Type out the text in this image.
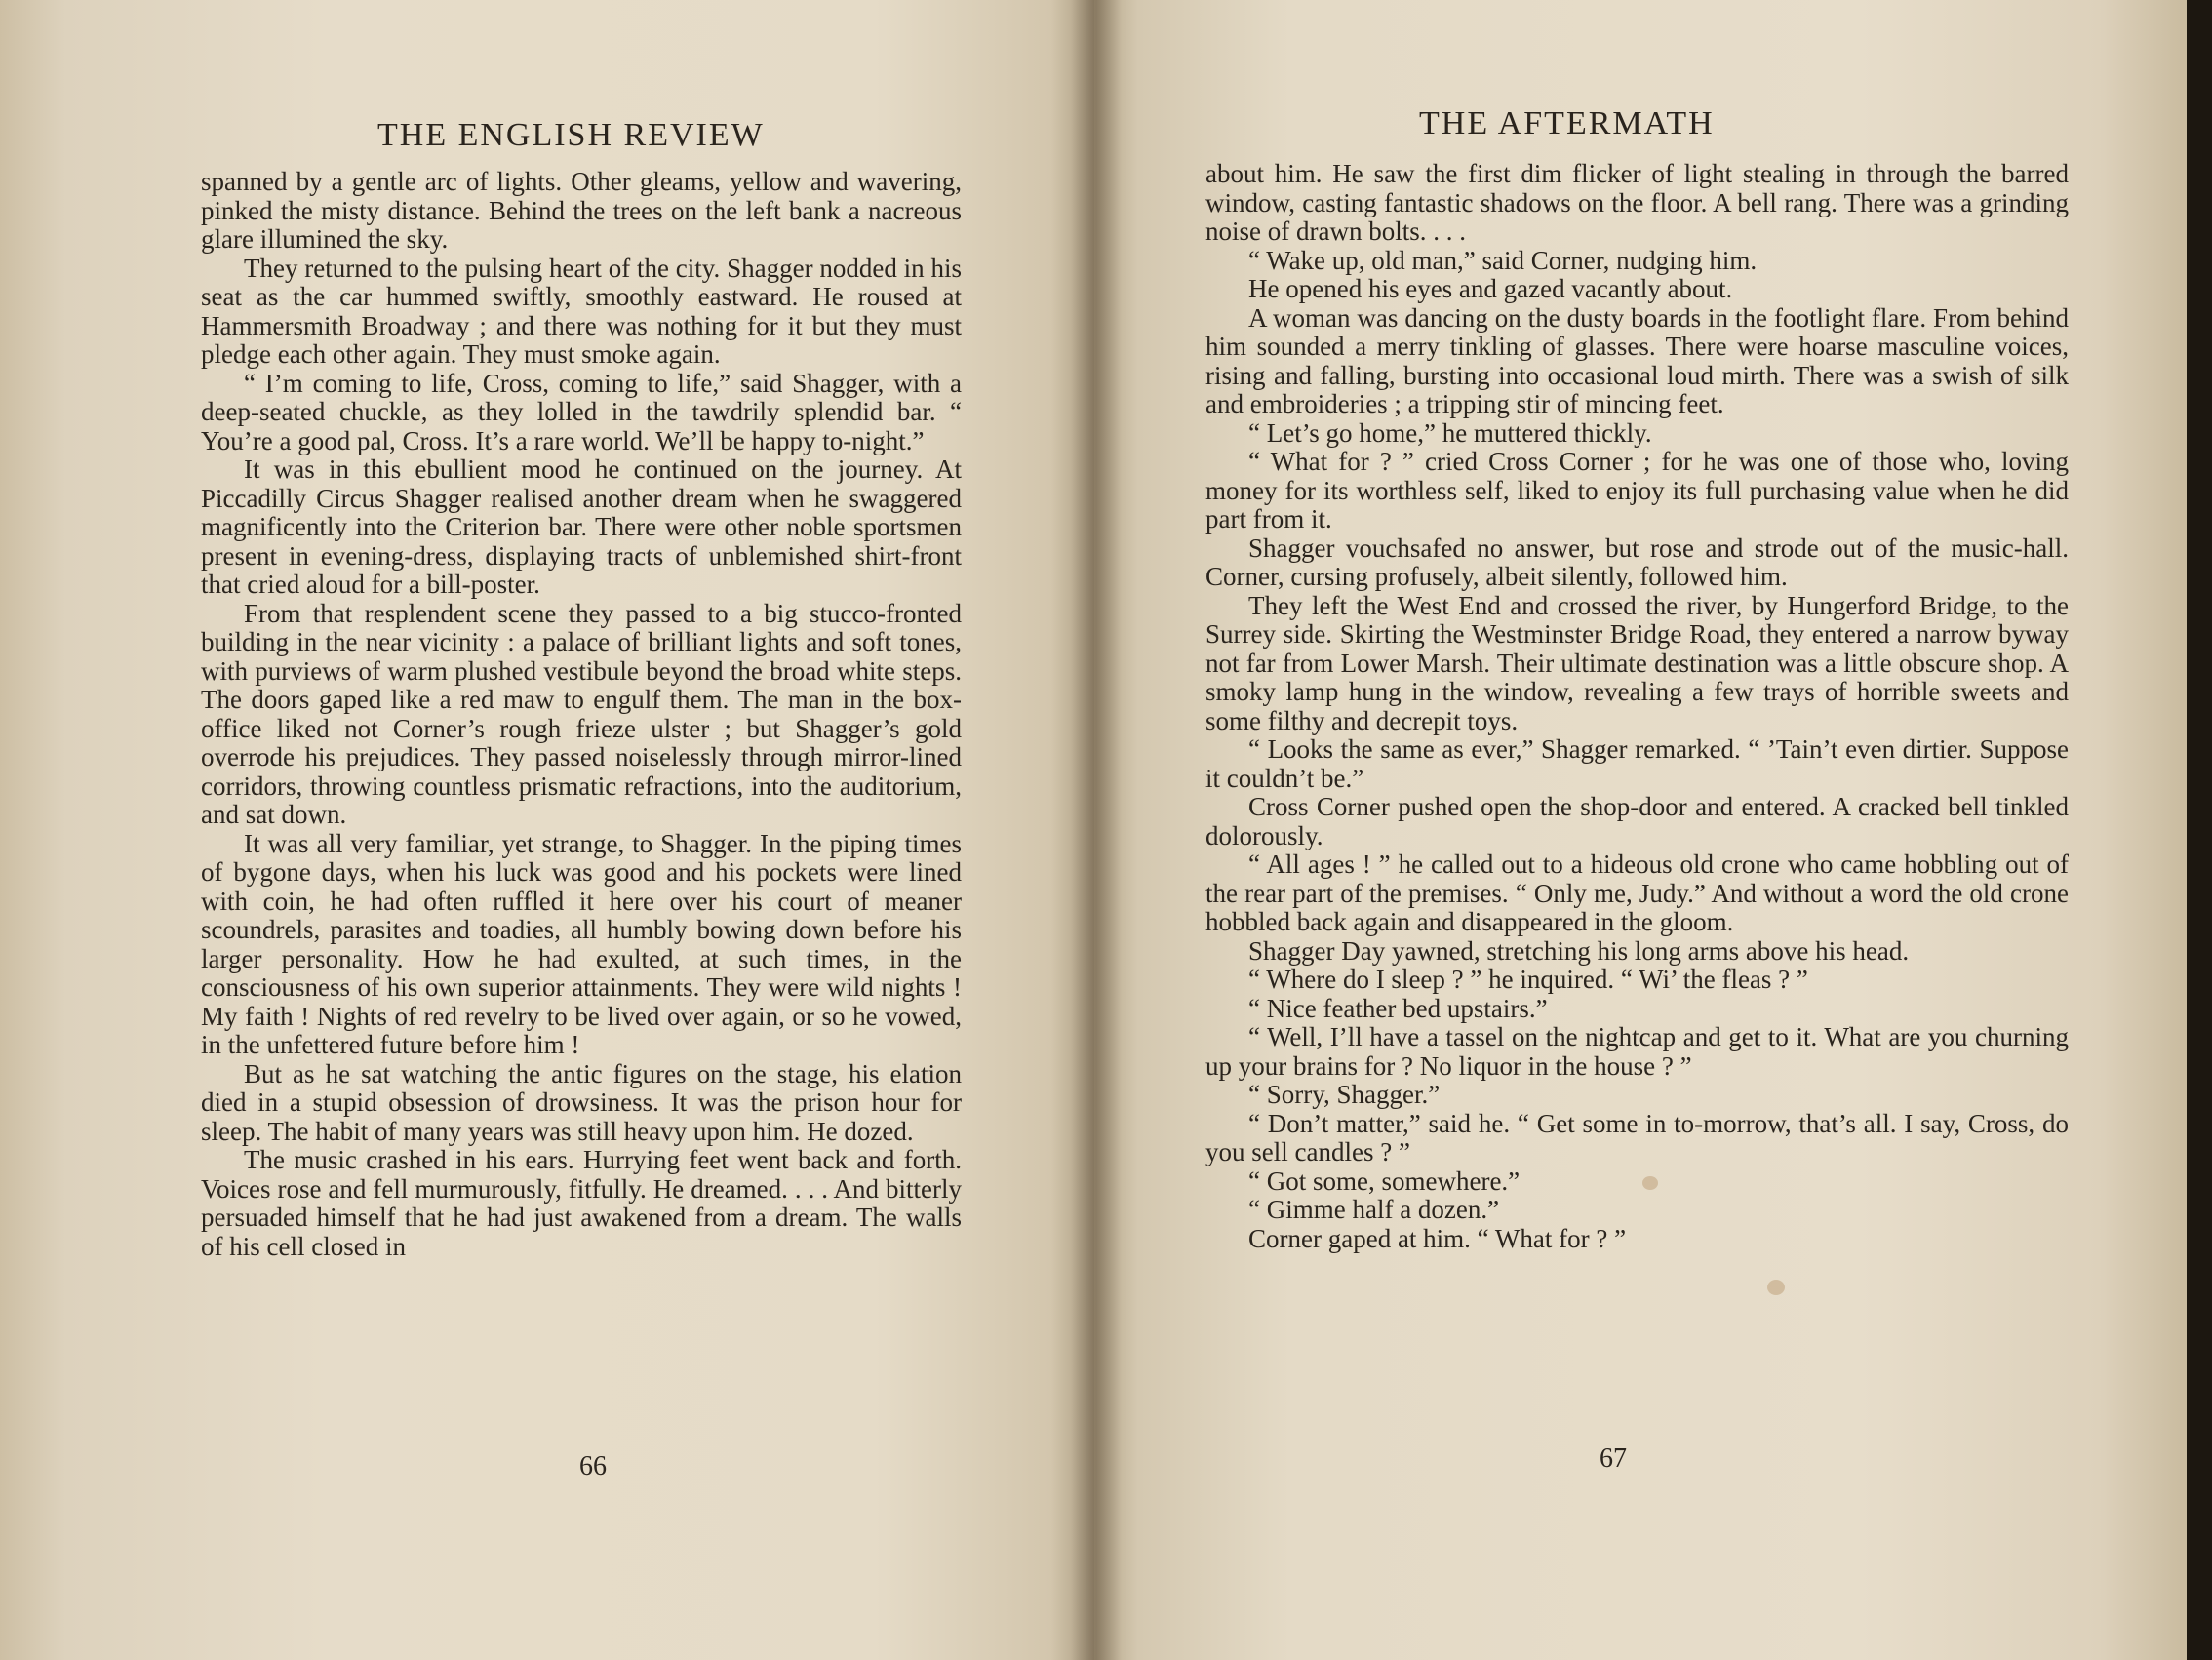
THE ENGLISH REVIEW

spanned by a gentle arc of lights. Other gleams, yellow and wavering, pinked the misty distance. Behind the trees on the left bank a nacreous glare illumined the sky.

They returned to the pulsing heart of the city. Shagger nodded in his seat as the car hummed swiftly, smoothly eastward. He roused at Hammersmith Broadway ; and there was nothing for it but they must pledge each other again. They must smoke again.

“ I’m coming to life, Cross, coming to life,” said Shagger, with a deep-seated chuckle, as they lolled in the tawdrily splendid bar. “ You’re a good pal, Cross. It’s a rare world. We’ll be happy to-night.”

It was in this ebullient mood he continued on the journey. At Piccadilly Circus Shagger realised another dream when he swaggered magnificently into the Criterion bar. There were other noble sportsmen present in evening-dress, displaying tracts of unblemished shirt-front that cried aloud for a bill-poster.

From that resplendent scene they passed to a big stucco-fronted building in the near vicinity : a palace of brilliant lights and soft tones, with purviews of warm plushed vestibule beyond the broad white steps. The doors gaped like a red maw to engulf them. The man in the box-office liked not Corner’s rough frieze ulster ; but Shagger’s gold overrode his prejudices. They passed noiselessly through mirror-lined corridors, throwing countless prismatic refractions, into the auditorium, and sat down.

It was all very familiar, yet strange, to Shagger. In the piping times of bygone days, when his luck was good and his pockets were lined with coin, he had often ruffled it here over his court of meaner scoundrels, parasites and toadies, all humbly bowing down before his larger personality. How he had exulted, at such times, in the consciousness of his own superior attainments. They were wild nights ! My faith ! Nights of red revelry to be lived over again, or so he vowed, in the unfettered future before him !

But as he sat watching the antic figures on the stage, his elation died in a stupid obsession of drowsiness. It was the prison hour for sleep. The habit of many years was still heavy upon him. He dozed.

The music crashed in his ears. Hurrying feet went back and forth. Voices rose and fell murmurously, fitfully. He dreamed. . . . And bitterly persuaded himself that he had just awakened from a dream. The walls of his cell closed in

66
THE AFTERMATH

about him. He saw the first dim flicker of light stealing in through the barred window, casting fantastic shadows on the floor. A bell rang. There was a grinding noise of drawn bolts. . . .

“ Wake up, old man,” said Corner, nudging him.

He opened his eyes and gazed vacantly about.

A woman was dancing on the dusty boards in the footlight flare. From behind him sounded a merry tinkling of glasses. There were hoarse masculine voices, rising and falling, bursting into occasional loud mirth. There was a swish of silk and embroideries ; a tripping stir of mincing feet.

“ Let’s go home,” he muttered thickly.

“ What for ? ” cried Cross Corner ; for he was one of those who, loving money for its worthless self, liked to enjoy its full purchasing value when he did part from it.

Shagger vouchsafed no answer, but rose and strode out of the music-hall. Corner, cursing profusely, albeit silently, followed him.

They left the West End and crossed the river, by Hungerford Bridge, to the Surrey side. Skirting the Westminster Bridge Road, they entered a narrow byway not far from Lower Marsh. Their ultimate destination was a little obscure shop. A smoky lamp hung in the window, revealing a few trays of horrible sweets and some filthy and decrepit toys.

“ Looks the same as ever,” Shagger remarked. “ ’Tain’t even dirtier. Suppose it couldn’t be.”

Cross Corner pushed open the shop-door and entered. A cracked bell tinkled dolorously.

“ All ages ! ” he called out to a hideous old crone who came hobbling out of the rear part of the premises. “ Only me, Judy.” And without a word the old crone hobbled back again and disappeared in the gloom.

Shagger Day yawned, stretching his long arms above his head.

“ Where do I sleep ? ” he inquired. “ Wi’ the fleas ? ”

“ Nice feather bed upstairs.”

“ Well, I’ll have a tassel on the nightcap and get to it. What are you churning up your brains for ? No liquor in the house ? ”

“ Sorry, Shagger.”

“ Don’t matter,” said he. “ Get some in to-morrow, that’s all. I say, Cross, do you sell candles ? ”

“ Got some, somewhere.”

“ Gimme half a dozen.”

Corner gaped at him. “ What for ? ”

67
